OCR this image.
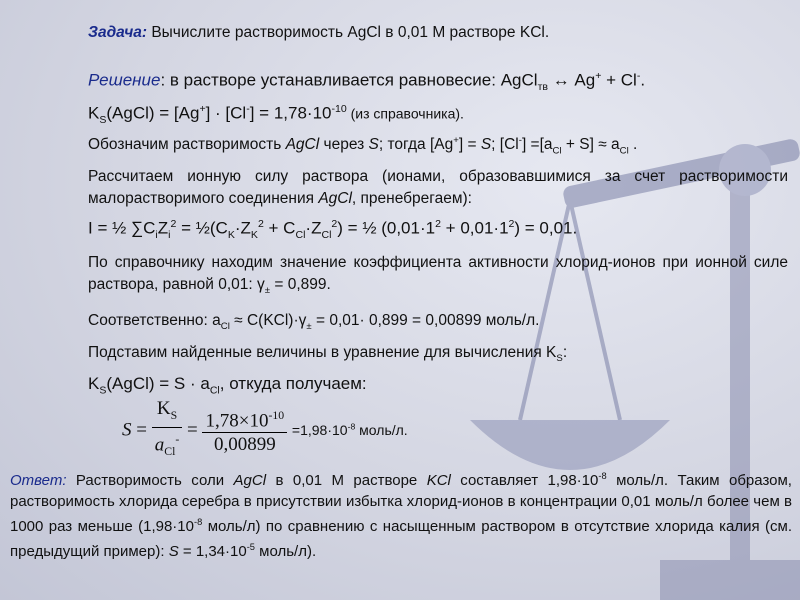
Задача: Вычислите растворимость AgCl в 0,01 М растворе KCl.
Решение: в растворе устанавливается равновесие: AgCl$_{тв}$ ↔ Ag+ + Cl-.
$K_S(AgCl) = [Ag^+] \cdot [Cl^-] = 1,78\cdot 10^{-10}$ (из справочника).
Обозначим растворимость AgCl через S; тогда [Ag+] = S; $[Cl^-] =[a_{Cl} + S] \approx a_{Cl}$ .
Рассчитаем ионную силу раствора (ионами, образовавшимися за счет растворимости малорастворимого соединения AgCl, пренебрегаем):
I = ½ $\sum C_iZ_i^2$ = $\frac{1}{2}(C_K\cdot Z_K^2 + C_{Cl}\cdot Z_{Cl}^2)$ = ½ $(0,01\cdot 1^2 + 0,01\cdot 1^2) = 0,01$.
По справочнику находим значение коэффициента активности хлорид-ионов при ионной силе раствора, равной 0,01: $\gamma_\pm = 0,899$.
Соответственно: $a_{Cl} \approx C(KCl)\cdot\gamma_\pm = 0,01\cdot 0,899 = 0,00899$ моль/л.
Подставим найденные величины в уравнение для вычисления $K_S$:
$K_S(AgCl) = S \cdot a_{Cl}$, откуда получаем:
$S = \frac{K_S}{a_{Cl}^-} = \frac{1,78\times 10^{-10}}{0,00899} =1,98\cdot 10^{-8}$ моль/л.
Ответ: Растворимость соли AgCl в 0,01 М растворе KCl составляет $1,98\cdot 10^{-8}$ моль/л. Таким образом, растворимость хлорида серебра в присутствии избытка хлорид-ионов в концентрации 0,01 моль/л более чем в 1000 раз меньше ($1,98\cdot 10^{-8}$ моль/л) по сравнению с насыщенным раствором в отсутствие хлорида калия (см. предыдущий пример): $S = 1,34\cdot 10^{-5}$ моль/л).
